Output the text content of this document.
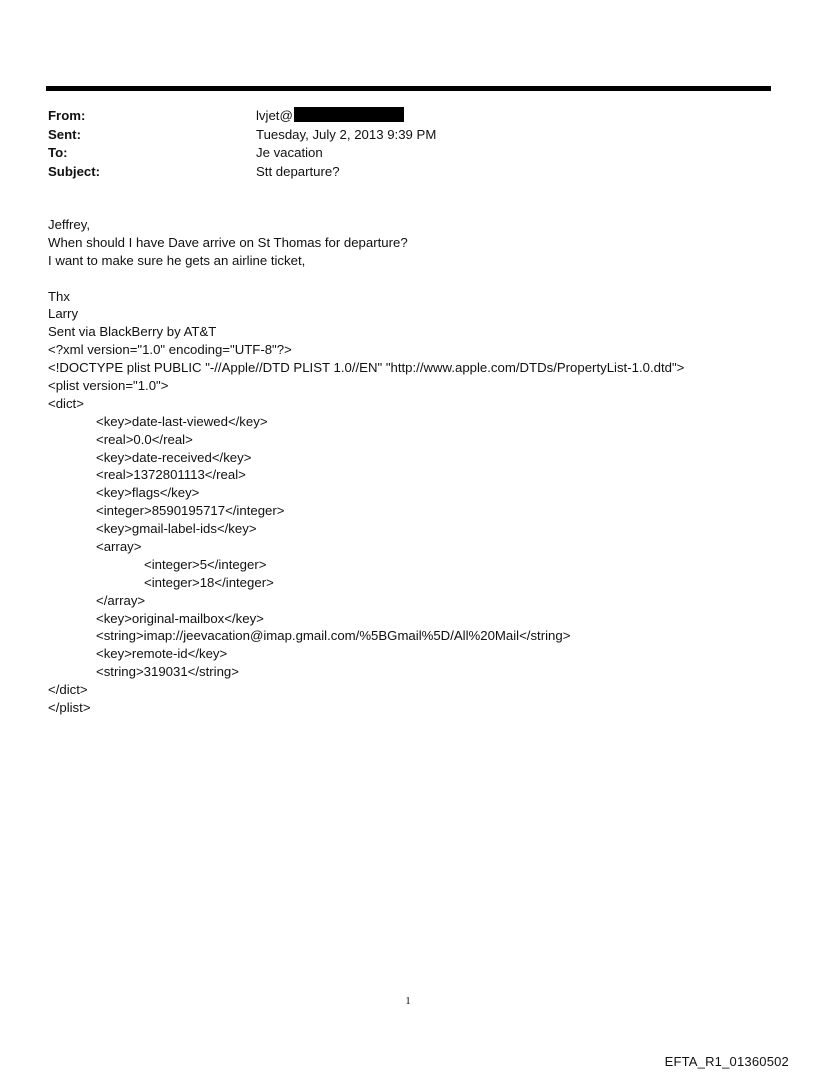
From:	lvjet@
Sent:	Tuesday, July 2, 2013 9:39 PM
To:	Je vacation
Subject:	Stt departure?
Jeffrey,
When should I have Dave arrive on St Thomas for departure?
I want to make sure he gets an airline ticket,
Thx
Larry
Sent via BlackBerry by AT&T
<?xml version="1.0" encoding="UTF-8"?>
<!DOCTYPE plist PUBLIC "-//Apple//DTD PLIST 1.0//EN" "http://www.apple.com/DTDs/PropertyList-1.0.dtd">
<plist version="1.0">
<dict>
<key>date-last-viewed</key>
<real>0.0</real>
<key>date-received</key>
<real>1372801113</real>
<key>flags</key>
<integer>8590195717</integer>
<key>gmail-label-ids</key>
<array>
<integer>5</integer>
<integer>18</integer>
</array>
<key>original-mailbox</key>
<string>imap://jeevacation@imap.gmail.com/%5BGmail%5D/All%20Mail</string>
<key>remote-id</key>
<string>319031</string>
</dict>
</plist>
1
EFTA_R1_01360502
